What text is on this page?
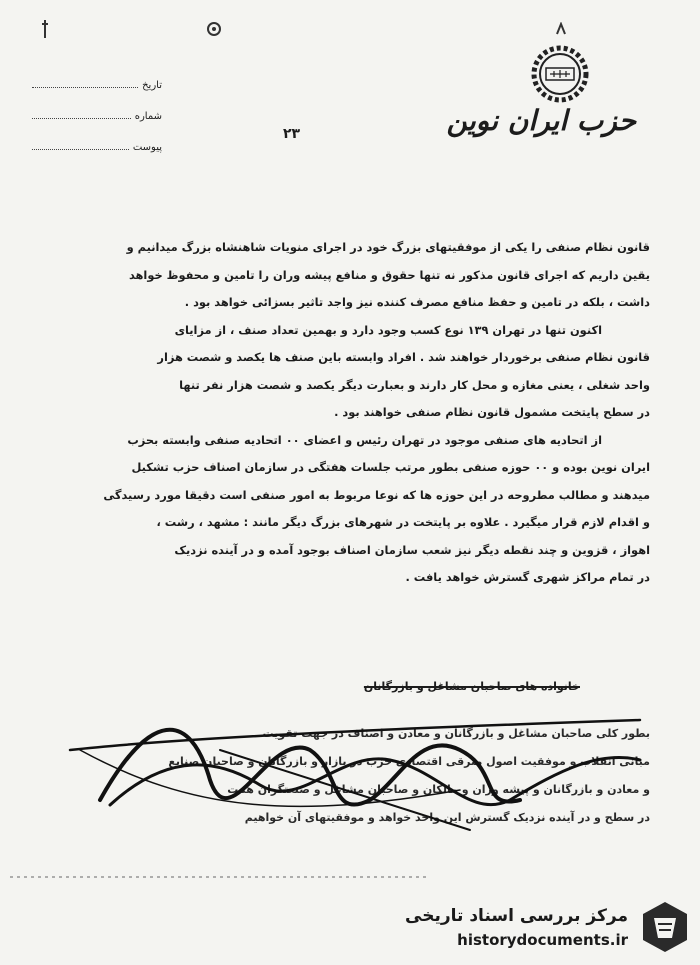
تاریخ
شماره
پیوست
۲۳	حزب ایران نوین

قانون نظام صنفی را یکی از موفقیتهای بزرگ خود در اجرای منویات شاهنشاه بزرگ میدانیم و

یقین داریم که اجرای قانون مذکور نه تنها حقوق و منافع پیشه وران را تامین و محفوظ خواهد

داشت ، بلکه در تامین و حفظ منافع مصرف کننده نیز واجد تاثیر بسزائی خواهد بود .

اکنون تنها در تهران ۱۳۹ نوع کسب وجود دارد و بهمین تعداد صنف ، از مزایای

قانون نظام صنفی برخوردار خواهند شد . افراد وابسته باین صنف ها یکصد و شصت هزار

واحد شغلی ، یعنی مغازه و محل کار دارند و بعبارت دیگر یکصد و شصت هزار نفر تنها

در سطح پایتخت مشمول قانون نظام صنفی خواهند بود .

از اتحادیه های صنفی موجود در تهران رئیس و اعضای ۰۰ اتحادیه صنفی وابسته بحزب

ایران نوین بوده و ۰۰ حوزه صنفی بطور مرتب جلسات هفتگی در سازمان اصناف حزب تشکیل

میدهند و مطالب مطروحه در این حوزه ها که نوعا مربوط به امور صنفی است دقیقا مورد رسیدگی

و اقدام لازم قرار میگیرد . علاوه بر پایتخت در شهرهای بزرگ دیگر مانند : مشهد ، رشت ،

اهواز ، قزوین و چند نقطه دیگر نیز شعب سازمان اصناف بوجود آمده و در آینده نزدیک

در تمام مراکز شهری گسترش خواهد یافت .

خانواده های صاحبان مشاغل و بازرگانان

بطور کلی صاحبان مشاغل و بازرگانان و معادن و اصناف در جهت تقویت

مبانی انقلاب و موفقیت اصول مترقی اقتصادی حزب در بازار و بازرگانان و صاحبان صنایع

و معادن و بازرگانان و پیشه وران و مالکان و صاحبان مشاغل و صنعتگران همت

در سطح و در آینده نزدیک گسترش این واحد خواهد و موفقیتهای آن خواهیم

مرکز بررسی اسناد تاریخی
historydocuments.ir
